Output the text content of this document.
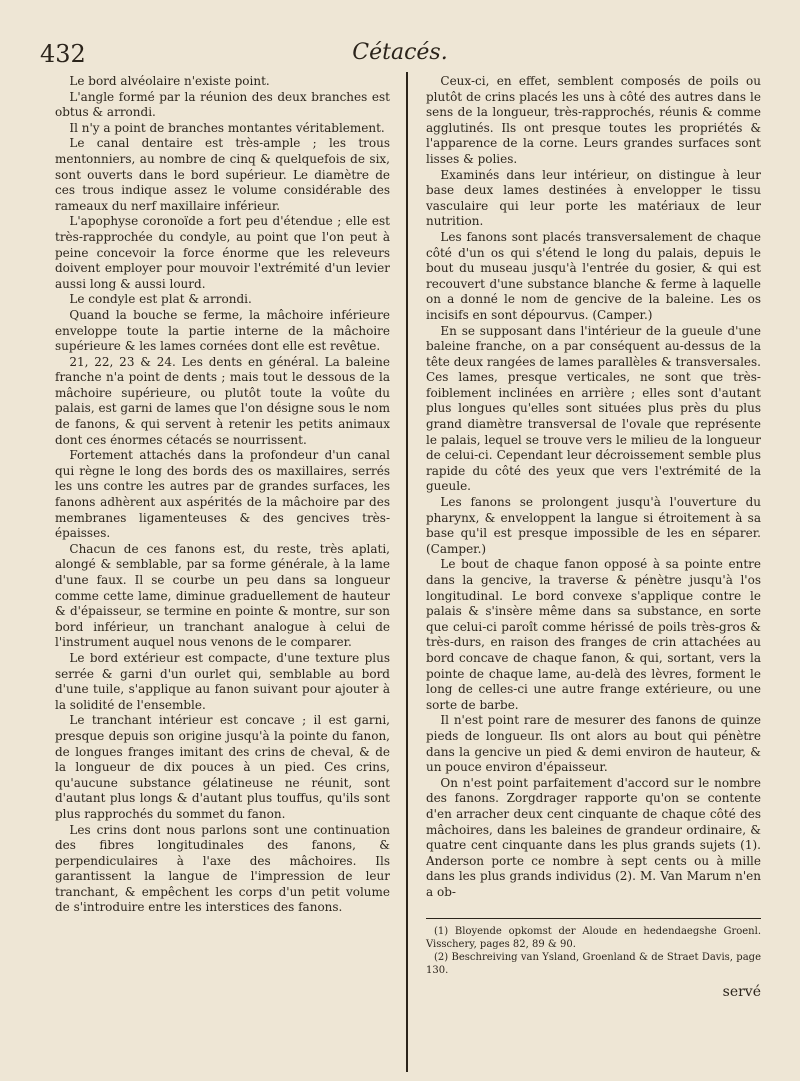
432	Cétacés.

Le bord alvéolaire n'existe point.

L'angle formé par la réunion des deux branches est obtus & arrondi.

Il n'y a point de branches montantes véritablement.

Le canal dentaire est très-ample ; les trous mentonniers, au nombre de cinq & quelquefois de six, sont ouverts dans le bord supérieur. Le diamètre de ces trous indique assez le volume considérable des rameaux du nerf maxillaire inférieur.

L'apophyse coronoïde a fort peu d'étendue ; elle est très-rapprochée du condyle, au point que l'on peut à peine concevoir la force énorme que les releveurs doivent employer pour mouvoir l'extrémité d'un levier aussi long & aussi lourd.

Le condyle est plat & arrondi.

Quand la bouche se ferme, la mâchoire inférieure enveloppe toute la partie interne de la mâchoire supérieure & les lames cornées dont elle est revêtue.

21, 22, 23 & 24. Les dents en général. La baleine franche n'a point de dents ; mais tout le dessous de la mâchoire supérieure, ou plutôt toute la voûte du palais, est garni de lames que l'on désigne sous le nom de fanons, & qui servent à retenir les petits animaux dont ces énormes cétacés se nourrissent.

Fortement attachés dans la profondeur d'un canal qui règne le long des bords des os maxillaires, serrés les uns contre les autres par de grandes surfaces, les fanons adhèrent aux aspérités de la mâchoire par des membranes ligamenteuses & des gencives très-épaisses.

Chacun de ces fanons est, du reste, très aplati, alongé & semblable, par sa forme générale, à la lame d'une faux. Il se courbe un peu dans sa longueur comme cette lame, diminue graduellement de hauteur & d'épaisseur, se termine en pointe & montre, sur son bord inférieur, un tranchant analogue à celui de l'instrument auquel nous venons de le comparer.

Le bord extérieur est compacte, d'une texture plus serrée & garni d'un ourlet qui, semblable au bord d'une tuile, s'applique au fanon suivant pour ajouter à la solidité de l'ensemble.

Le tranchant intérieur est concave ; il est garni, presque depuis son origine jusqu'à la pointe du fanon, de longues franges imitant des crins de cheval, & de la longueur de dix pouces à un pied. Ces crins, qu'aucune substance gélatineuse ne réunit, sont d'autant plus longs & d'autant plus touffus, qu'ils sont plus rapprochés du sommet du fanon.

Les crins dont nous parlons sont une continuation des fibres longitudinales des fanons, & perpendiculaires à l'axe des mâchoires. Ils garantissent la langue de l'impression de leur tranchant, & empêchent les corps d'un petit volume de s'introduire entre les interstices des fanons.

Ceux-ci, en effet, semblent composés de poils ou plutôt de crins placés les uns à côté des autres dans le sens de la longueur, très-rapprochés, réunis & comme agglutinés. Ils ont presque toutes les propriétés & l'apparence de la corne. Leurs grandes surfaces sont lisses & polies.

Examinés dans leur intérieur, on distingue à leur base deux lames destinées à envelopper le tissu vasculaire qui leur porte les matériaux de leur nutrition.

Les fanons sont placés transversalement de chaque côté d'un os qui s'étend le long du palais, depuis le bout du museau jusqu'à l'entrée du gosier, & qui est recouvert d'une substance blanche & ferme à laquelle on a donné le nom de gencive de la baleine. Les os incisifs en sont dépourvus. (Camper.)

En se supposant dans l'intérieur de la gueule d'une baleine franche, on a par conséquent au-dessus de la tête deux rangées de lames parallèles & transversales. Ces lames, presque verticales, ne sont que très-foiblement inclinées en arrière ; elles sont d'autant plus longues qu'elles sont situées plus près du plus grand diamètre transversal de l'ovale que représente le palais, lequel se trouve vers le milieu de la longueur de celui-ci. Cependant leur décroissement semble plus rapide du côté des yeux que vers l'extrémité de la gueule.

Les fanons se prolongent jusqu'à l'ouverture du pharynx, & enveloppent la langue si étroitement à sa base qu'il est presque impossible de les en séparer. (Camper.)

Le bout de chaque fanon opposé à sa pointe entre dans la gencive, la traverse & pénètre jusqu'à l'os longitudinal. Le bord convexe s'applique contre le palais & s'insère même dans sa substance, en sorte que celui-ci paroît comme hérissé de poils très-gros & très-durs, en raison des franges de crin attachées au bord concave de chaque fanon, & qui, sortant, vers la pointe de chaque lame, au-delà des lèvres, forment le long de celles-ci une autre frange extérieure, ou une sorte de barbe.

Il n'est point rare de mesurer des fanons de quinze pieds de longueur. Ils ont alors au bout qui pénètre dans la gencive un pied & demi environ de hauteur, & un pouce environ d'épaisseur.

On n'est point parfaitement d'accord sur le nombre des fanons. Zorgdrager rapporte qu'on se contente d'en arracher deux cent cinquante de chaque côté des mâchoires, dans les baleines de grandeur ordinaire, & quatre cent cinquante dans les plus grands sujets (1). Anderson porte ce nombre à sept cents ou à mille dans les plus grands individus (2). M. Van Marum n'en a ob-

(1) Bloyende opkomst der Aloude en hedendaegshe Groenl. Visschery, pages 82, 89 & 90.

(2) Beschreiving van Ysland, Groenland & de Straet Davis, page 130.

servé
